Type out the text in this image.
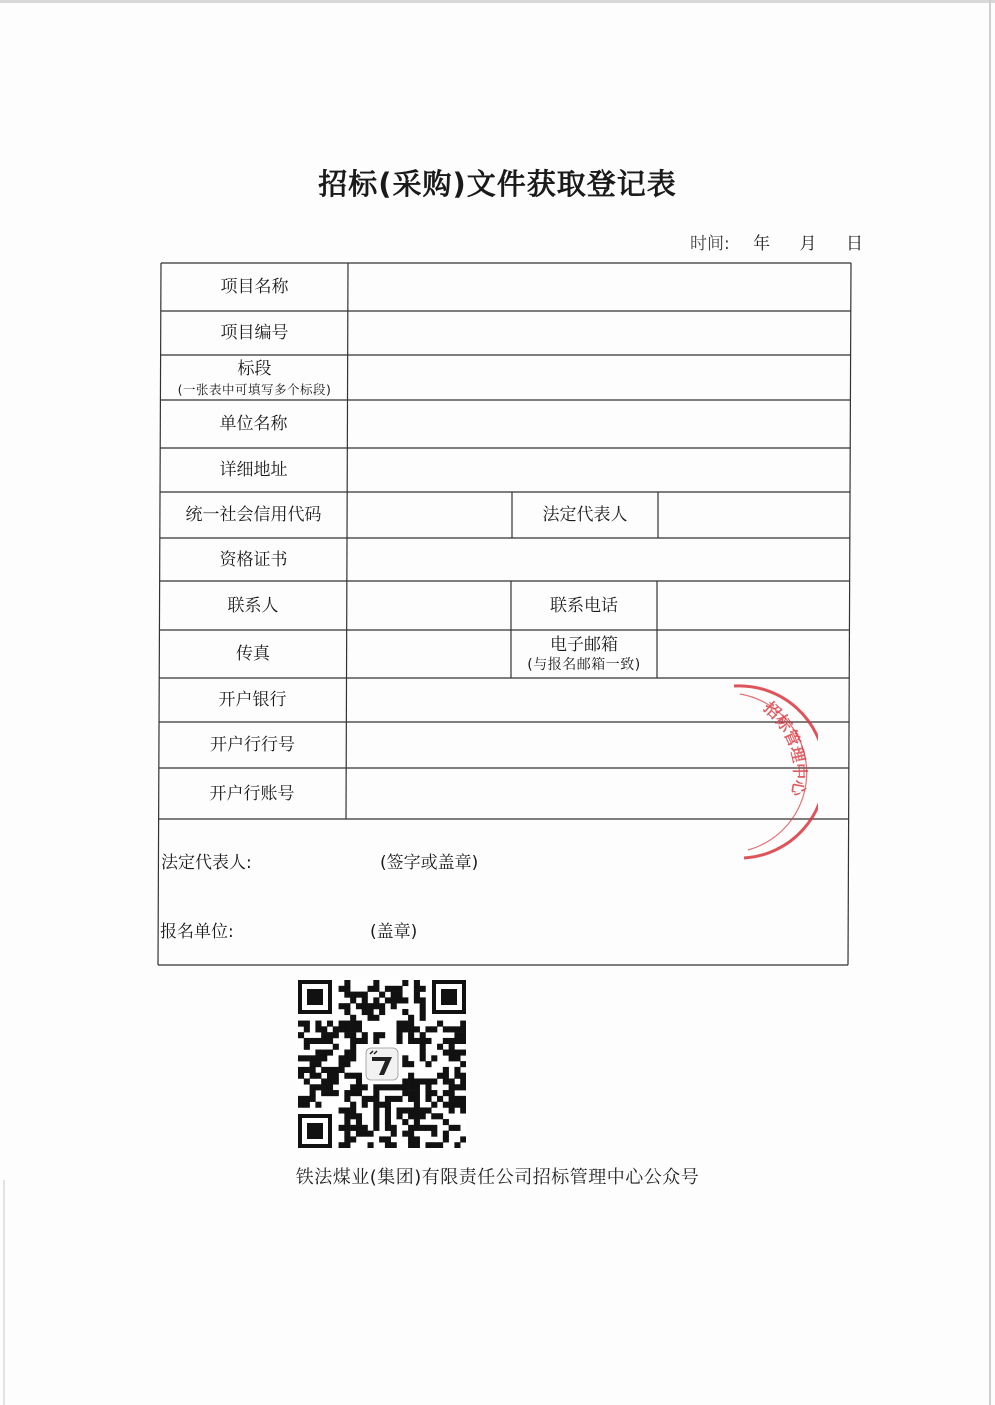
招标(采购)文件获取登记表
时间: 年 月 日
项目名称
项目编号
标段
(一张表中可填写多个标段)
单位名称
详细地址
统一社会信用代码	法定代表人
资格证书
联系人	联系电话
传真	电子邮箱
(与报名邮箱一致)
开户银行
开户行行号
开户行账号
法定代表人:	(签字或盖章)
报名单位:	(盖章)
招标管理中心
铁法煤业(集团)有限责任公司招标管理中心公众号
